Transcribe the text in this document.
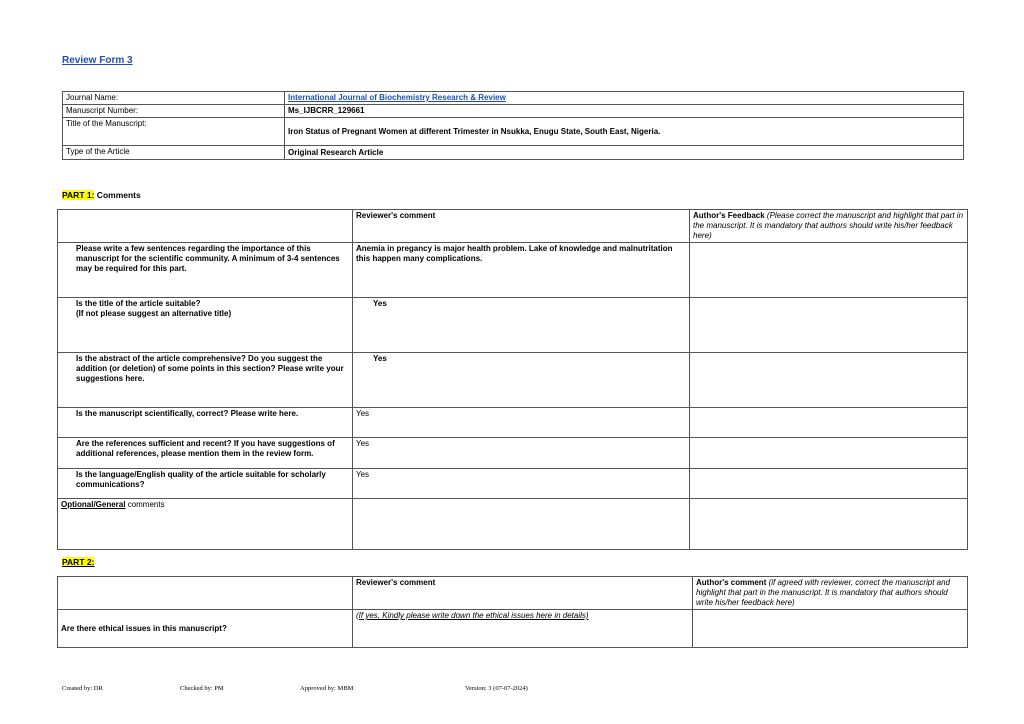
Review Form 3
Journal Name:	International Journal of Biochemistry Research & Review
Manuscript Number:	Ms_IJBCRR_129661
Title of the Manuscript:	Iron Status of Pregnant Women at different Trimester in Nsukka, Enugu State, South East, Nigeria.
Type of the Article	Original Research Article
PART 1: Comments
	Reviewer's comment	Author's Feedback (Please correct the manuscript and highlight that part in the manuscript. It is mandatory that authors should write his/her feedback here)
Please write a few sentences regarding the importance of this manuscript for the scientific community. A minimum of 3-4 sentences may be required for this part.	Anemia in pregancy is major health problem. Lake of knowledge and malnutritation this happen many complications.	
Is the title of the article suitable?
(If not please suggest an alternative title)	Yes	
Is the abstract of the article comprehensive? Do you suggest the addition (or deletion) of some points in this section? Please write your suggestions here.	Yes	
Is the manuscript scientifically, correct? Please write here.	Yes	
Are the references sufficient and recent? If you have suggestions of additional references, please mention them in the review form.	Yes	
Is the language/English quality of the article suitable for scholarly communications?	Yes	
Optional/General comments		
PART 2:
	Reviewer's comment	Author's comment (if agreed with reviewer, correct the manuscript and highlight that part in the manuscript. It is mandatory that authors should write his/her feedback here)
Are there ethical issues in this manuscript?	(If yes, Kindly please write down the ethical issues here in details)	
Created by: DR	Checked by: PM	Approved by: MBM	Version: 3 (07-07-2024)
